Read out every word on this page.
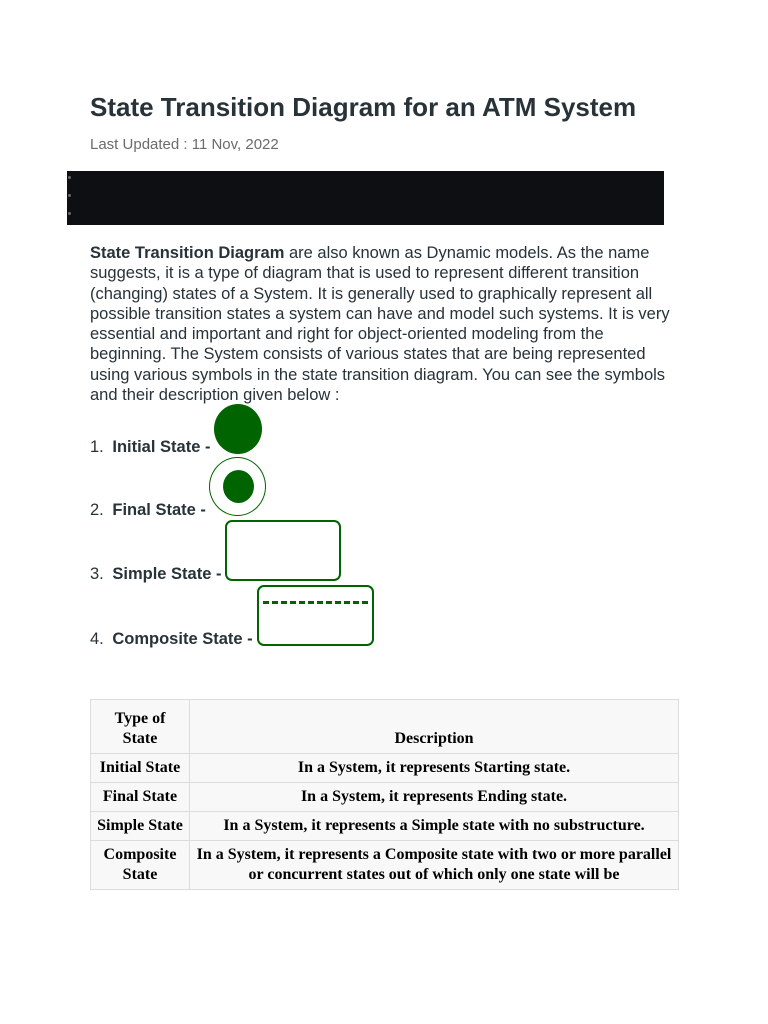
State Transition Diagram for an ATM System
Last Updated : 11 Nov, 2022

State Transition Diagram are also known as Dynamic models. As the name suggests, it is a type of diagram that is used to represent different transition (changing) states of a System. It is generally used to graphically represent all possible transition states a system can have and model such systems. It is very essential and important and right for object-oriented modeling from the beginning. The System consists of various states that are being represented using various symbols in the state transition diagram. You can see the symbols and their description given below :

1. Initial State -
2. Final State -
3. Simple State -
4. Composite State -
Type of State	Description
Initial State	In a System, it represents Starting state.
Final State	In a System, it represents Ending state.
Simple State	In a System, it represents a Simple state with no substructure.
Composite State	In a System, it represents a Composite state with two or more parallel or concurrent states out of which only one state will be
